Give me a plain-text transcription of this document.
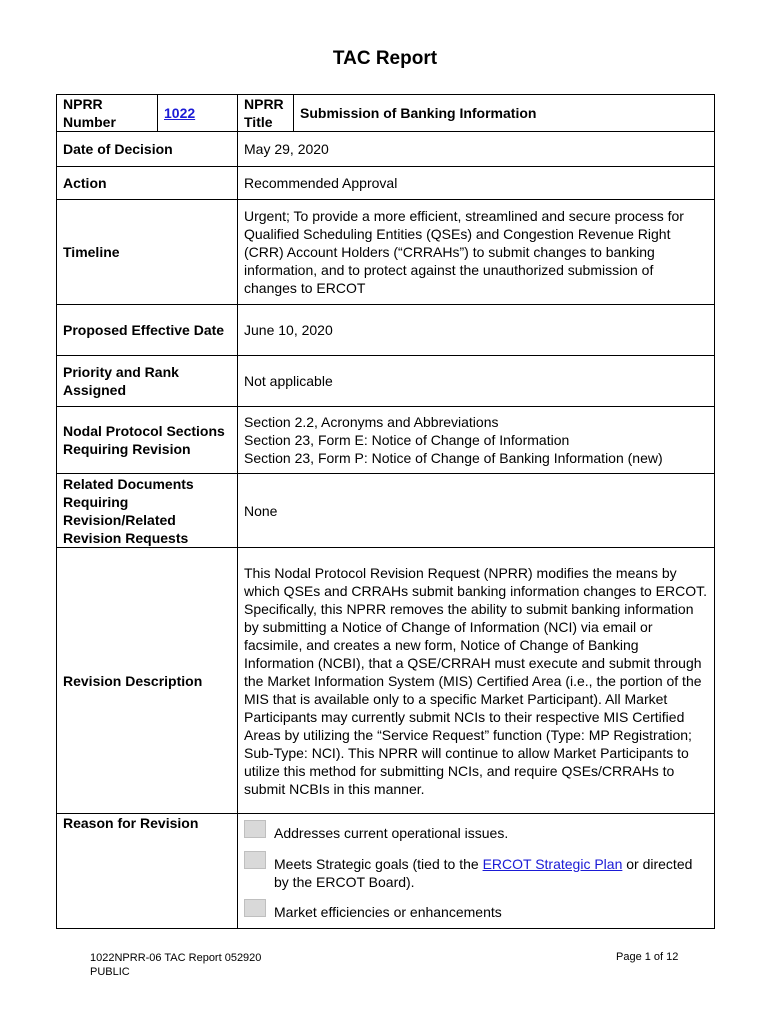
TAC Report
NPRR Number	1022	NPRR Title	Submission of Banking Information
Date of Decision		May 29, 2020	
Action		Recommended Approval	
Timeline		Urgent; To provide a more efficient, streamlined and secure process for Qualified Scheduling Entities (QSEs) and Congestion Revenue Right (CRR) Account Holders (“CRRAHs”) to submit changes to banking information, and to protect against the unauthorized submission of changes to ERCOT	
Proposed Effective Date		June 10, 2020	
Priority and Rank Assigned		Not applicable	
Nodal Protocol Sections Requiring Revision		Section 2.2, Acronyms and Abbreviations
Section 23, Form E: Notice of Change of Information
Section 23, Form P: Notice of Change of Banking Information (new)	

Related Documents Requiring Revision/Related Revision Requests		None	
Revision Description		This Nodal Protocol Revision Request (NPRR) modifies the means by which QSEs and CRRAHs submit banking information changes to ERCOT. Specifically, this NPRR removes the ability to submit banking information by submitting a Notice of Change of Information (NCI) via email or facsimile, and creates a new form, Notice of Change of Banking Information (NCBI), that a QSE/CRRAH must execute and submit through the Market Information System (MIS) Certified Area (i.e., the portion of the MIS that is available only to a specific Market Participant). All Market Participants may currently submit NCIs to their respective MIS Certified Areas by utilizing the “Service Request” function (Type: MP Registration; Sub-Type: NCI). This NPRR will continue to allow Market Participants to utilize this method for submitting NCIs, and require QSEs/CRRAHs to submit NCBIs in this manner.	
Reason for Revision		Addresses current operational issues.
Meets Strategic goals (tied to the ERCOT Strategic Plan or directed by the ERCOT Board).
Market efficiencies or enhancements	
1022NPRR-06 TAC Report 052920
PUBLIC
Page 1 of 12
